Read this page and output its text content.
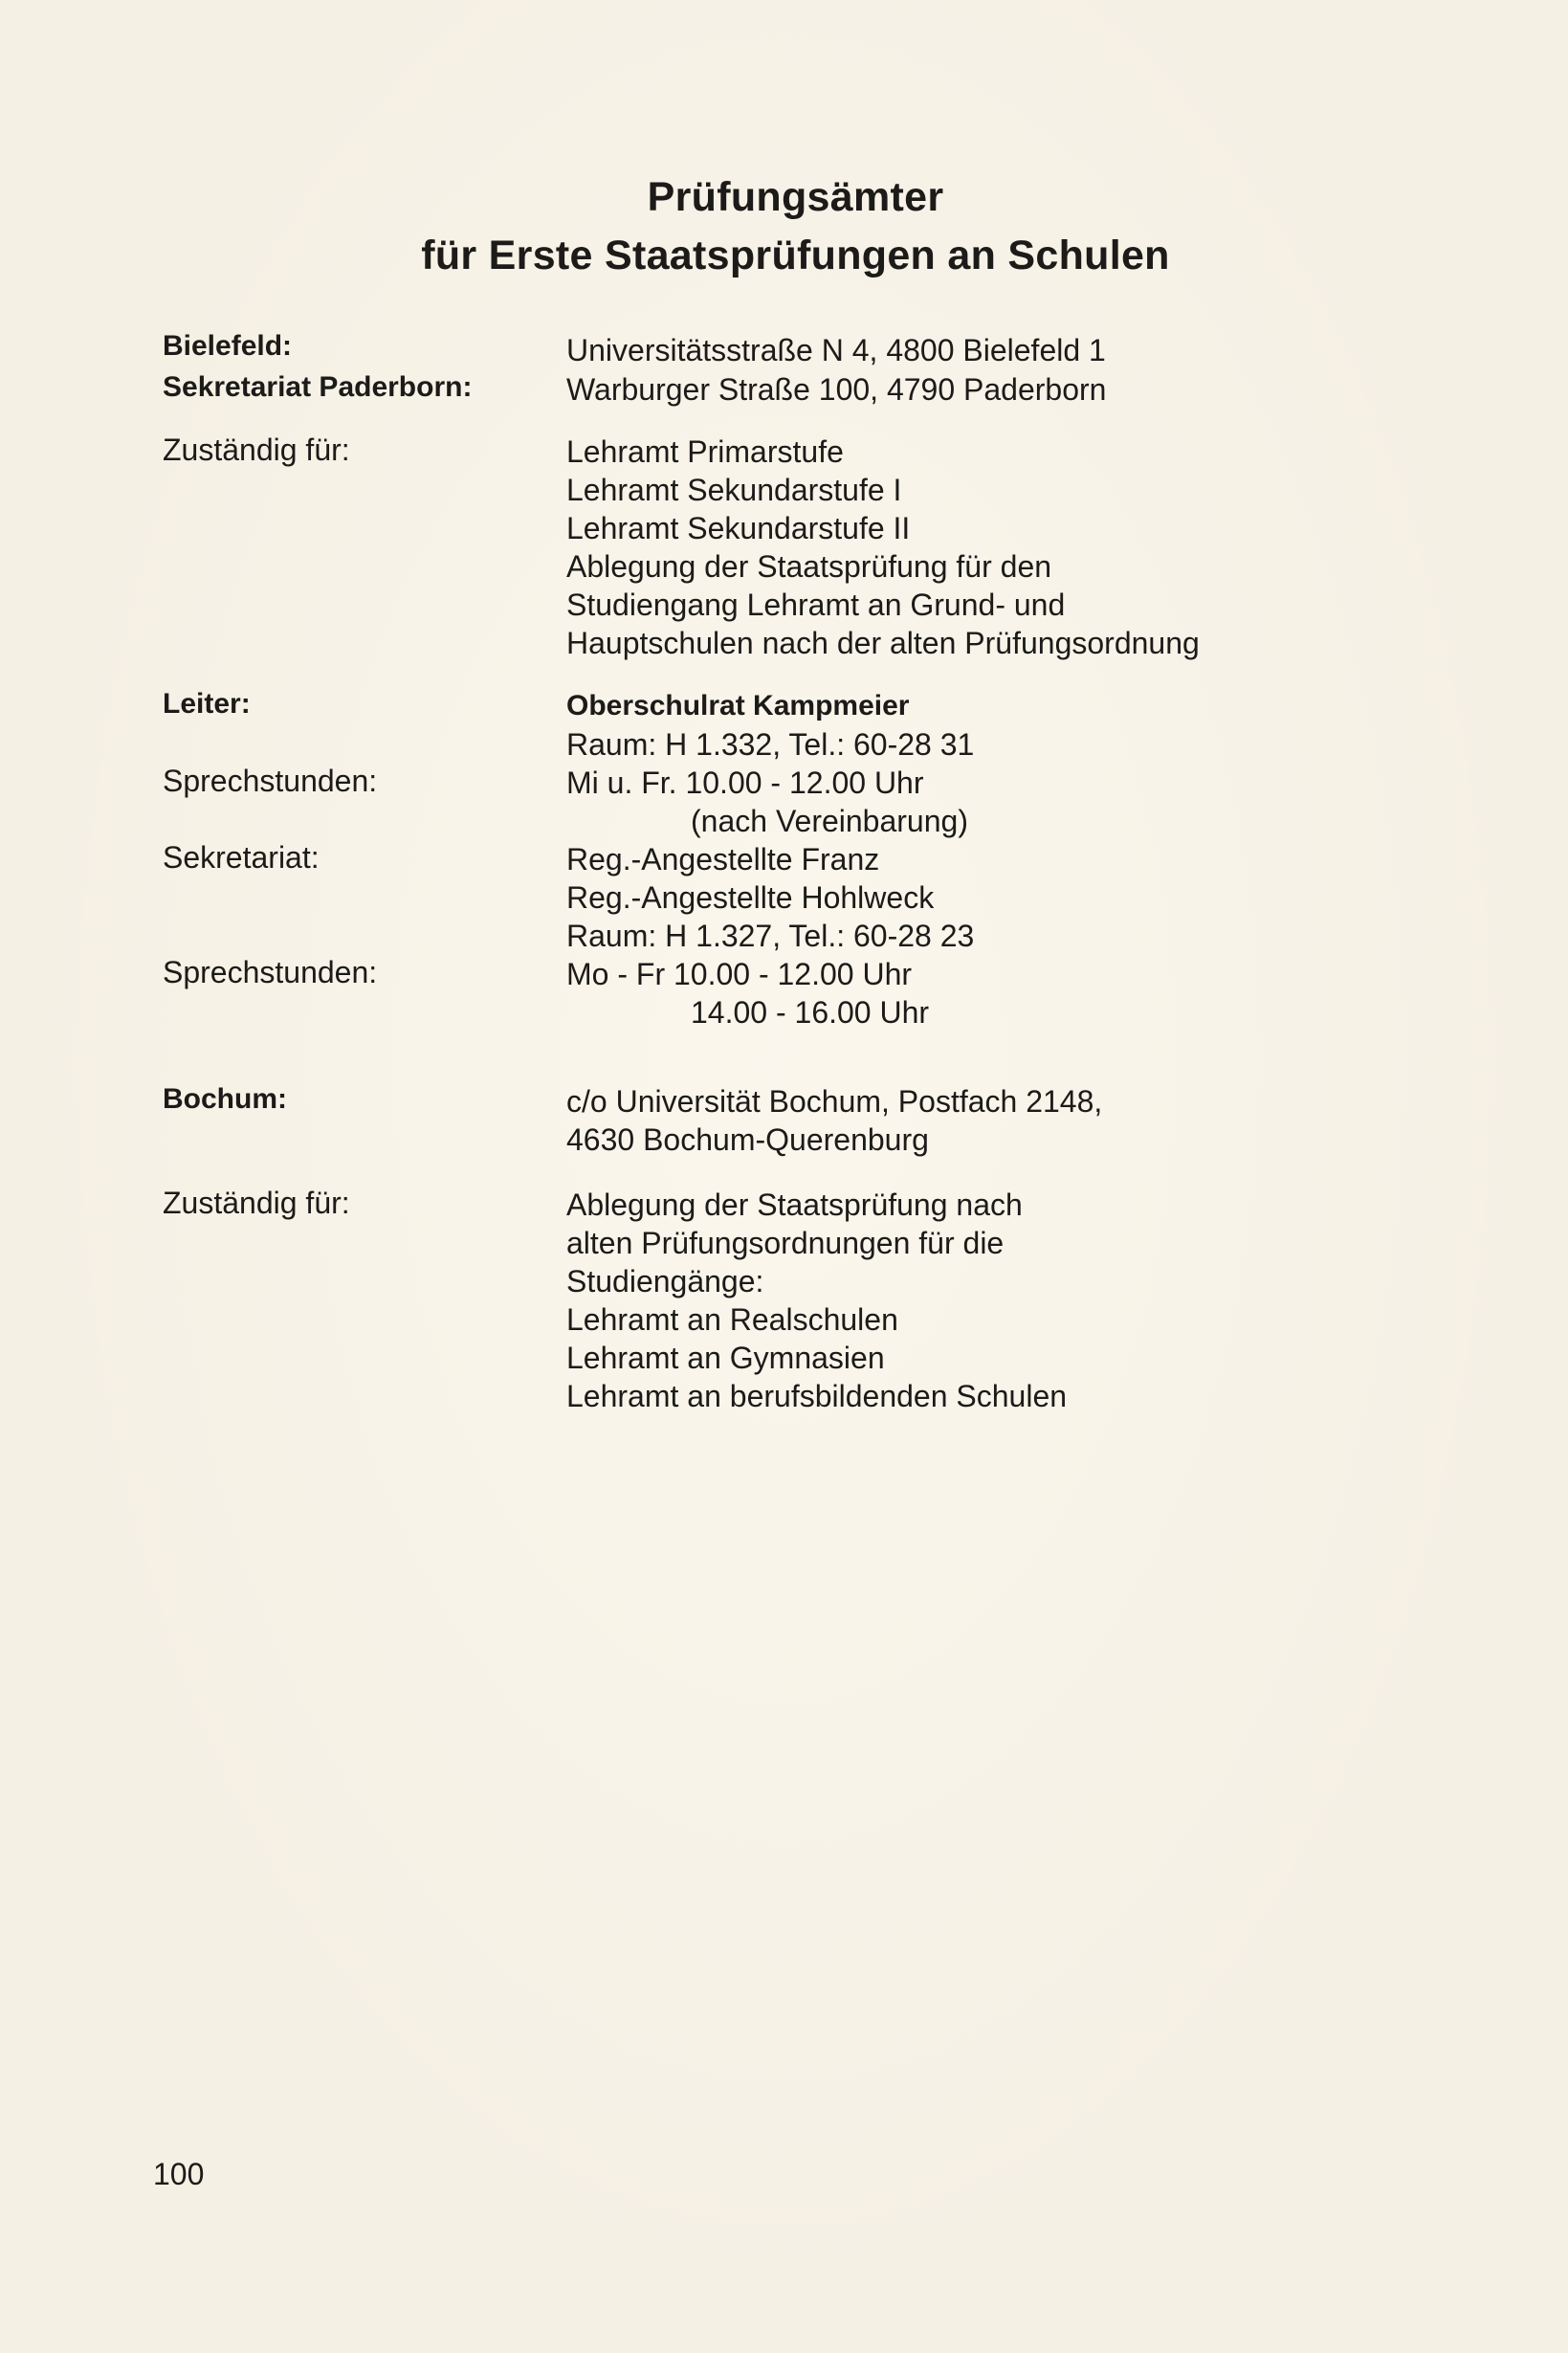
Prüfungsämter
für Erste Staatsprüfungen an Schulen
Bielefeld:	Universitätsstraße N 4, 4800 Bielefeld 1
Sekretariat Paderborn:	Warburger Straße 100, 4790 Paderborn
Zuständig für:	Lehramt Primarstufe
Lehramt Sekundarstufe I
Lehramt Sekundarstufe II
Ablegung der Staatsprüfung für den
Studiengang Lehramt an Grund- und
Hauptschulen nach der alten Prüfungsordnung
Leiter:	Oberschulrat Kampmeier
Raum: H 1.332, Tel.: 60-28 31
Sprechstunden:	Mi u. Fr. 10.00 - 12.00 Uhr
(nach Vereinbarung)
Sekretariat:	Reg.-Angestellte Franz
Reg.-Angestellte Hohlweck
Raum: H 1.327, Tel.: 60-28 23
Sprechstunden:	Mo - Fr 10.00 - 12.00 Uhr
14.00 - 16.00 Uhr
Bochum:	c/o Universität Bochum, Postfach 2148,
4630 Bochum-Querenburg
Zuständig für:	Ablegung der Staatsprüfung nach
alten Prüfungsordnungen für die
Studiengänge:
Lehramt an Realschulen
Lehramt an Gymnasien
Lehramt an berufsbildenden Schulen
100
